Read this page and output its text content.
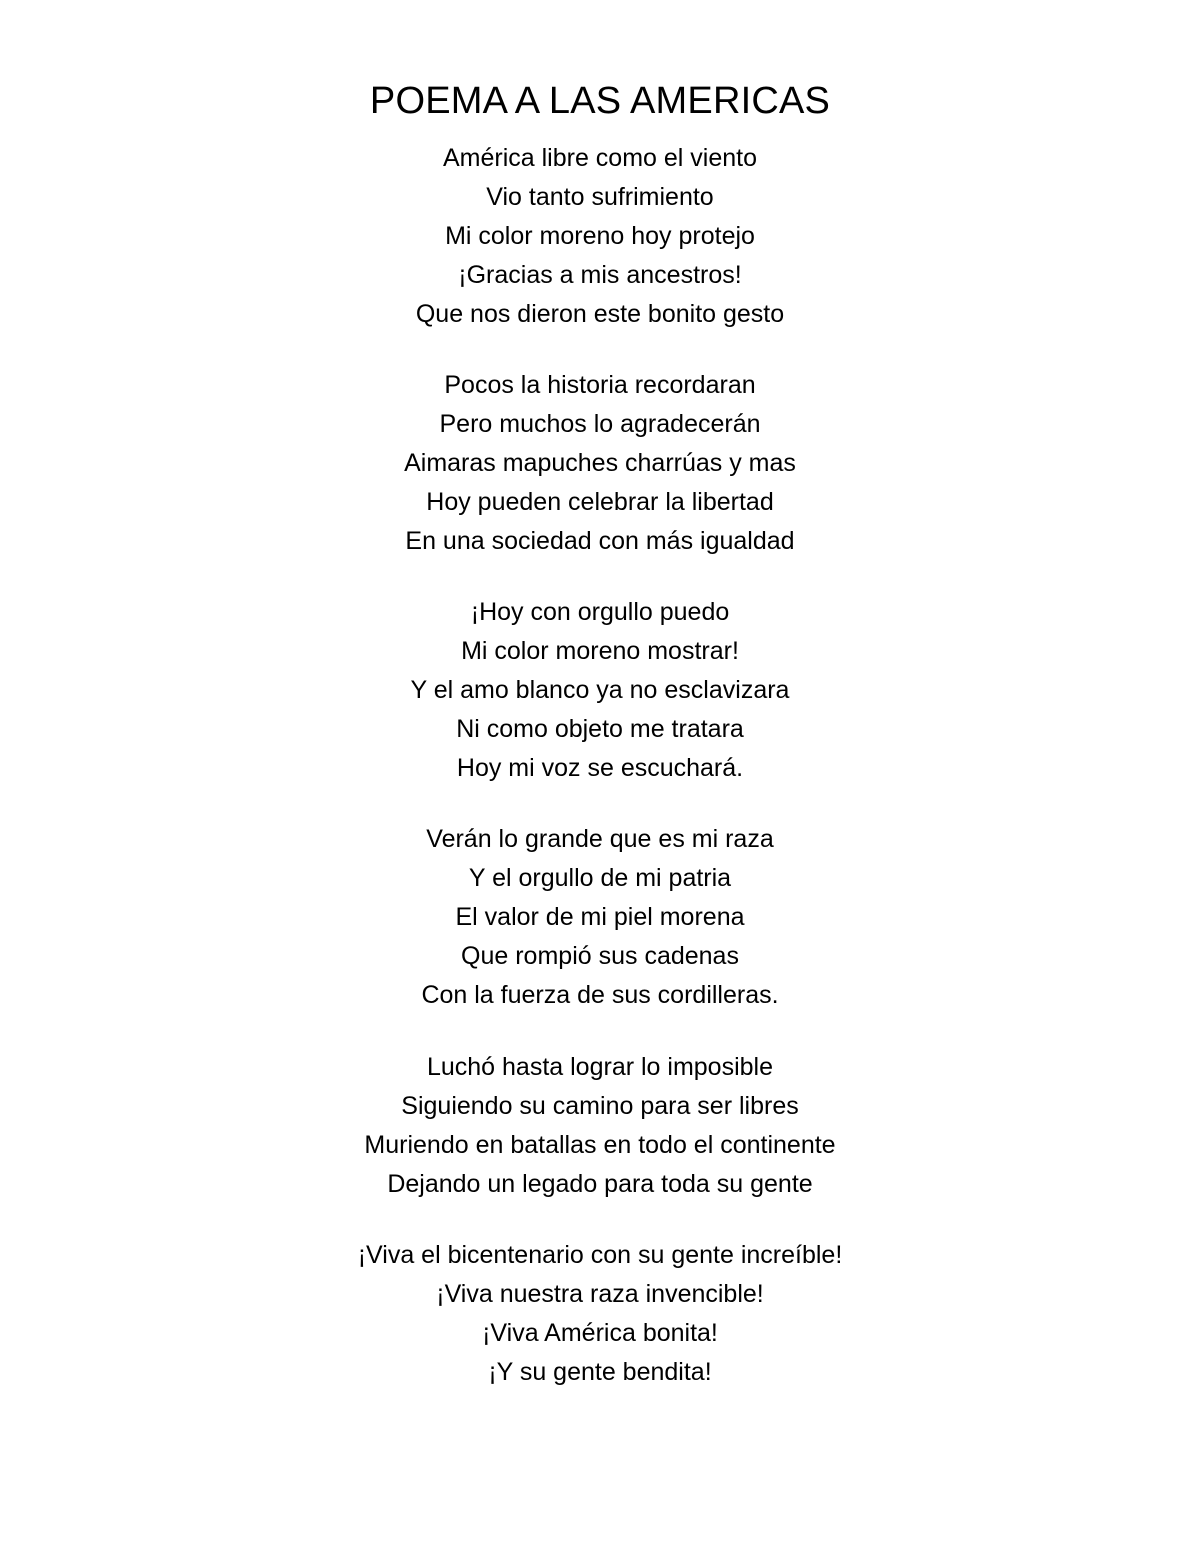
POEMA A LAS AMERICAS
América libre como el viento
Vio tanto sufrimiento
Mi color moreno hoy protejo
¡Gracias a mis ancestros!
Que nos dieron este bonito gesto
Pocos la historia recordaran
Pero muchos lo agradecerán
Aimaras mapuches charrúas y mas
Hoy pueden celebrar la libertad
En una sociedad con más igualdad
¡Hoy con orgullo puedo
Mi color moreno mostrar!
Y el amo blanco ya no esclavizara
Ni como objeto me tratara
Hoy mi voz se escuchará.
Verán lo grande que es mi raza
Y el orgullo de mi patria
El valor de mi piel morena
Que rompió sus cadenas
Con la fuerza de sus cordilleras.
Luchó hasta lograr lo imposible
Siguiendo su camino para ser libres
Muriendo en batallas en todo el continente
Dejando un legado para toda su gente
¡Viva el bicentenario con su gente increíble!
¡Viva nuestra raza invencible!
¡Viva América bonita!
¡Y su gente bendita!
